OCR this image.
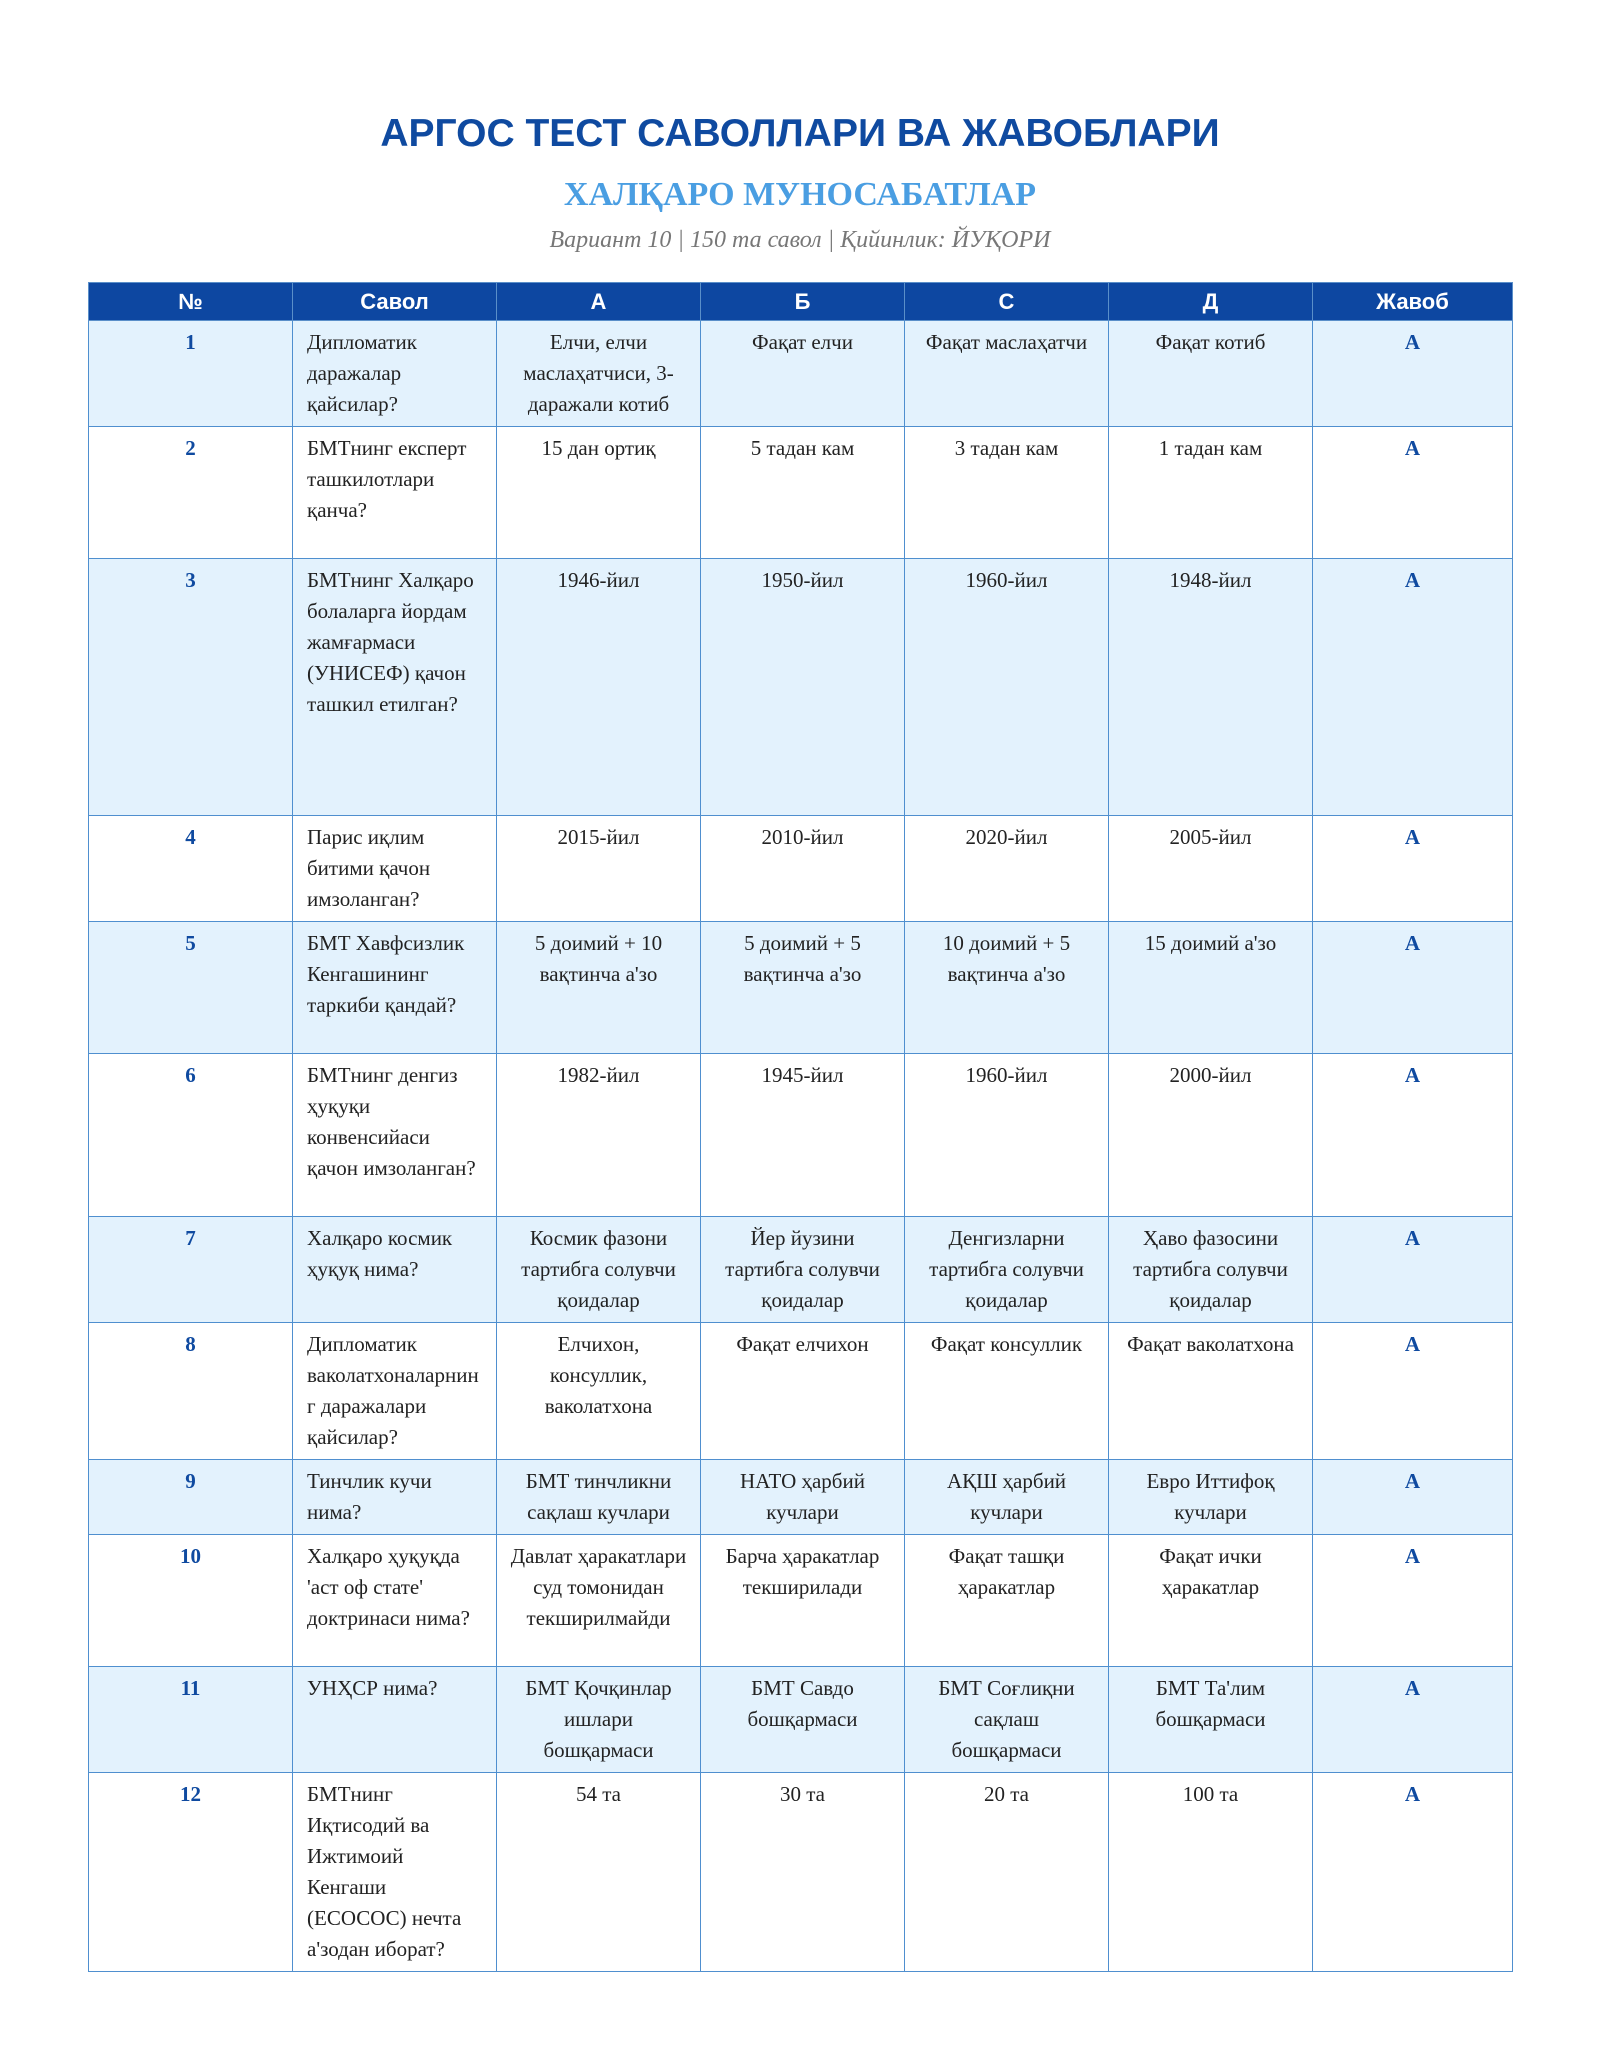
АРГОС ТЕСТ САВОЛЛАРИ ВА ЖАВОБЛАРИ
ХАЛҚАРО МУНОСАБАТЛАР
Вариант 10 | 150 та савол | Қийинлик: ЙУҚОРИ
№	Савол	А	Б	С	Д	Жавоб
1	Дипломатик даражалар қайсилар?	Елчи, елчи маслаҳатчиси, 3-даражали котиб	Фақат елчи	Фақат маслаҳатчи	Фақат котиб	А
2	БМТнинг експерт ташкилотлари қанча?	15 дан ортиқ	5 тадан кам	3 тадан кам	1 тадан кам	А
3	БМТнинг Халқаро болаларга йордам жамғармаси (УНИСЕФ) қачон ташкил етилган?	1946-йил	1950-йил	1960-йил	1948-йил	А
4	Парис иқлим битими қачон имзоланган?	2015-йил	2010-йил	2020-йил	2005-йил	А
5	БМТ Хавфсизлик Кенгашининг таркиби қандай?	5 доимий + 10 вақтинча а'зо	5 доимий + 5 вақтинча а'зо	10 доимий + 5 вақтинча а'зо	15 доимий а'зо	А
6	БМТнинг денгиз ҳуқуқи конвенсийаси қачон имзоланган?	1982-йил	1945-йил	1960-йил	2000-йил	А
7	Халқаро космик ҳуқуқ нима?	Космик фазони тартибга солувчи қоидалар	Йер йузини тартибга солувчи қоидалар	Денгизларни тартибга солувчи қоидалар	Ҳаво фазосини тартибга солувчи қоидалар	А
8	Дипломатик ваколатхоналарнинг даражалари қайсилар?	Елчихон, консуллик, ваколатхона	Фақат елчихон	Фақат консуллик	Фақат ваколатхона	А
9	Тинчлик кучи нима?	БМТ тинчликни сақлаш кучлари	НАТО ҳарбий кучлари	АҚШ ҳарбий кучлари	Евро Иттифоқ кучлари	А
10	Халқаро ҳуқуқда 'аст оф стате' доктринаси нима?	Давлат ҳаракатлари суд томонидан текширилмайди	Барча ҳаракатлар текширилади	Фақат ташқи ҳаракатлар	Фақат ички ҳаракатлар	А
11	УНҲСР нима?	БМТ Қочқинлар ишлари бошқармаси	БМТ Савдо бошқармаси	БМТ Соғлиқни сақлаш бошқармаси	БМТ Та'лим бошқармаси	А
12	БМТнинг Иқтисодий ва Ижтимоий Кенгаши (ЕСОСОС) нечта а'зодан иборат?	54 та	30 та	20 та	100 та	А
